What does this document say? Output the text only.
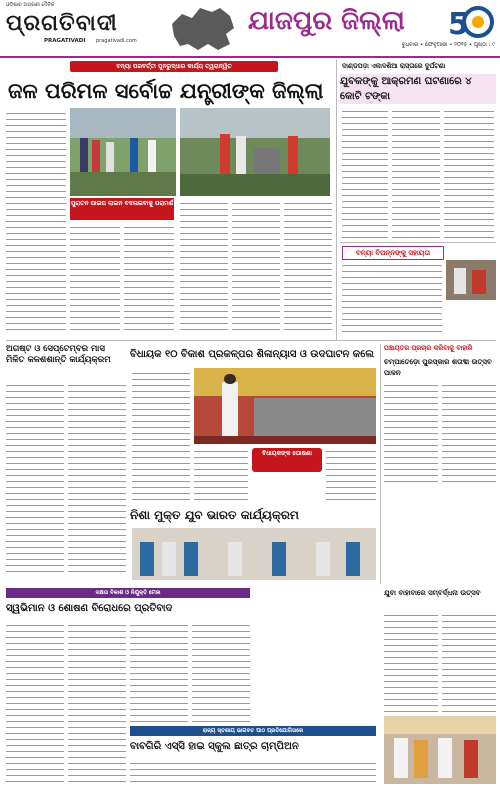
ଓଡ଼ିଶାର ଅଗ୍ରଣୀ ଦୈନିକ
ପ୍ରଗତିବାଦୀ
PRAGATIVADI pragativadi.com
ଯାଜପୁର ଜିଲ୍ଲା	5
ବୁଧବାର • ଫେବୃଆରୀ • ୨୦୨୫ • ପୃଷ୍ଠା : ୯
ବନ୍ୟା ପରବର୍ତ୍ତୀ ପୁନରୁଦ୍ଧାର କାର୍ଯ୍ୟ ତ୍ୱରାନ୍ୱିତ
ଜଳ ପରିମଳ ସର୍ବୋଚ୍ଚ ଯନ୍ତ୍ରୀଙ୍କ ଜିଲ୍ଲା
ପୁରାତନ ପାଇପ ଲାଇନ ବଦଳାଇବାକୁ ପରାମର୍ଶ
ଦାଣ୍ଡପଡ଼ା ଏକାଦଶିଆ ରାସ୍ତାରେ ଦୁର୍ଘଟଣା
ଯୁବକଙ୍କୁ ଆକ୍ରମଣ ଘଟଣାରେ ୪ କୋଟି ଟଙ୍କା
ବନ୍ୟା ବିପନ୍ନଙ୍କୁ ସହାୟତା
ଅଗଷ୍ଟ ଓ ସେପ୍ଟେମ୍ବର ମାସ ମିଳିତ କଳଶଶାନ୍ତି କାର୍ଯ୍ୟକ୍ରମ	ବିଧାୟକ ୧୦ ବିକାଶ ପ୍ରକଳ୍ପର ଶିଳାନ୍ୟାସ ଓ ଉଦଘାଟନ କଲେ
ବିଧାୟକଙ୍କ ଘୋଷଣା
ପଞ୍ଚାୟତର ପ୍ରଚାର କରିବାକୁ ବାହାରି
ଚମ୍ପାତେଡ଼ୋ ପୁରସ୍କାର ଶତାବ୍ଦୀ ଉତ୍ସବ ପାଳନ
ନିଶା ମୁକ୍ତ ଯୁବ ଭାରତ କାର୍ଯ୍ୟକ୍ରମ
ଦକ୍ଷତା ବିକାଶ ଓ ନିଯୁକ୍ତି ମେଳା
ସ୍ୱଭିମାନ ଓ ଶୋଷଣ ବିରୋଧରେ ପ୍ରତିବାଦ
ଯୁବା ବାହାବାରେ ସମ୍ବର୍ଦ୍ଧନା ଉତ୍ସବ
ରାଜ୍ୟ ସ୍ତରୀୟ ଭାଗବତ ପାଠ ପ୍ରତିଯୋଗିତାରେ
ବାବଗିରି ଏସ୍‌ସି ହାଇ ସ୍କୁଲ ଛାତ୍ର ଚାମ୍ପିଅନ
